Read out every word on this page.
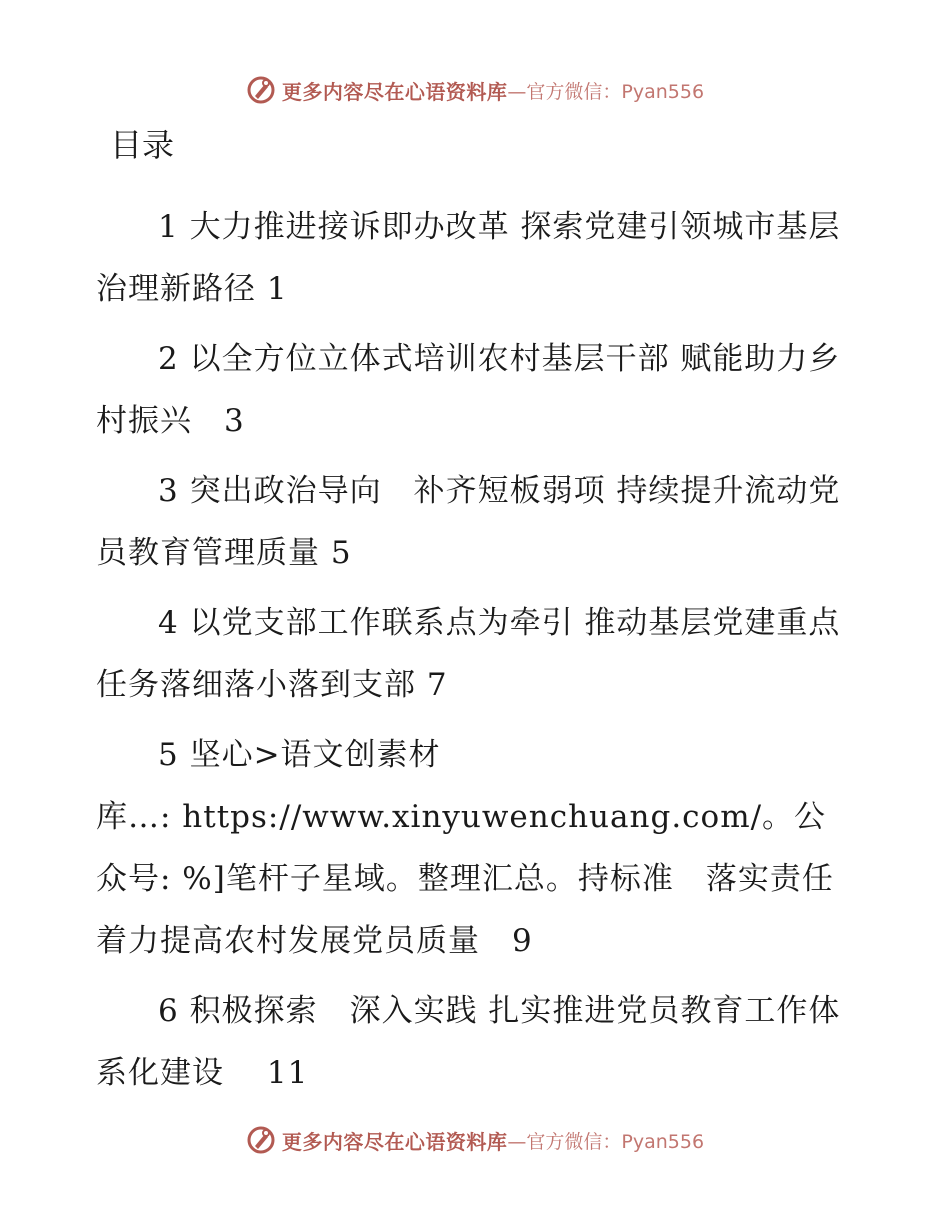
更多内容尽在心语资料库 —官方微信：Pyan556
目录
1 大力推进接诉即办改革 探索党建引领城市基层治理新路径 1
2 以全方位立体式培训农村基层干部 赋能助力乡村振兴　3
3 突出政治导向　补齐短板弱项 持续提升流动党员教育管理质量 5
4 以党支部工作联系点为牵引 推动基层党建重点任务落细落小落到支部 7
5 坚心>语文创素材
库…: https://www.xinyuwenchuang.com/。公众号: %]笔杆子星域。整理汇总。持标准　落实责任 着力提高农村发展党员质量　9
6 积极探索　深入实践 扎实推进党员教育工作体系化建设　 11
更多内容尽在心语资料库 —官方微信：Pyan556
